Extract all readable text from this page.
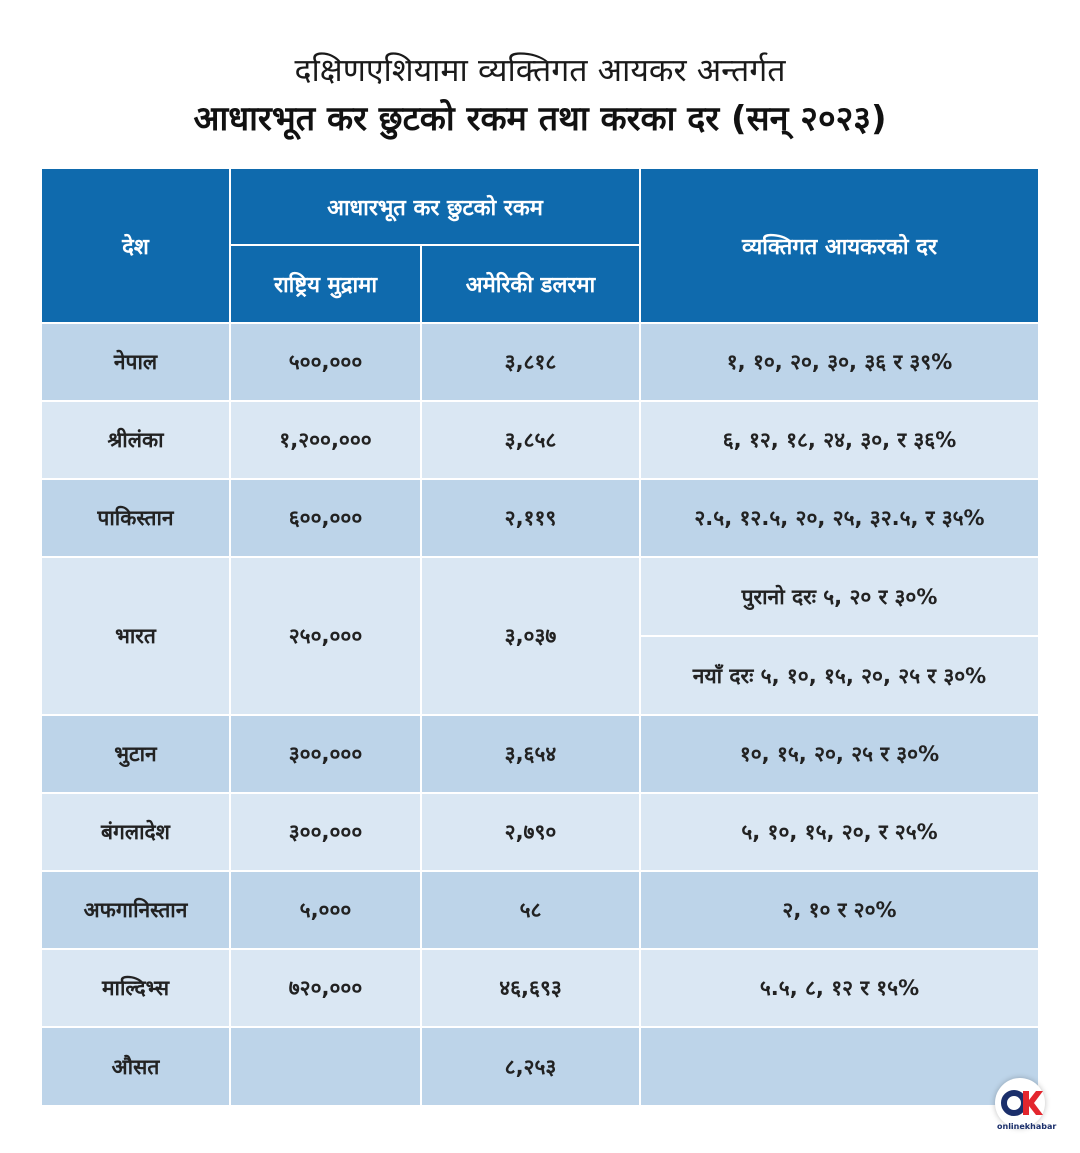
दक्षिणएशियामा व्यक्तिगत आयकर अन्तर्गत
आधारभूत कर छुटको रकम तथा करका दर (सन् २०२३)
देश	आधारभूत कर छुटको रकम		व्यक्तिगत आयकरको दर
	राष्ट्रिय मुद्रामा	अमेरिकी डलरमा	
नेपाल	५००,०००	३,८१८	१, १०, २०, ३०, ३६ र ३९%
श्रीलंका	१,२००,०००	३,८५८	६, १२, १८, २४, ३०, र ३६%
पाकिस्तान	६००,०००	२,११९	२.५, १२.५, २०, २५, ३२.५, र ३५%
भारत	२५०,०००	३,०३७	पुरानो दरः ५, २० र ३०%
			नयाँ दरः ५, १०, १५, २०, २५ र ३०%
भुटान	३००,०००	३,६५४	१०, १५, २०, २५ र ३०%
बंगलादेश	३००,०००	२,७९०	५, १०, १५, २०, र २५%
अफगानिस्तान	५,०००	५८	२, १० र २०%
माल्दिभ्स	७२०,०००	४६,६९३	५.५, ८, १२ र १५%
औसत		८,२५३	
onlinekhabar
